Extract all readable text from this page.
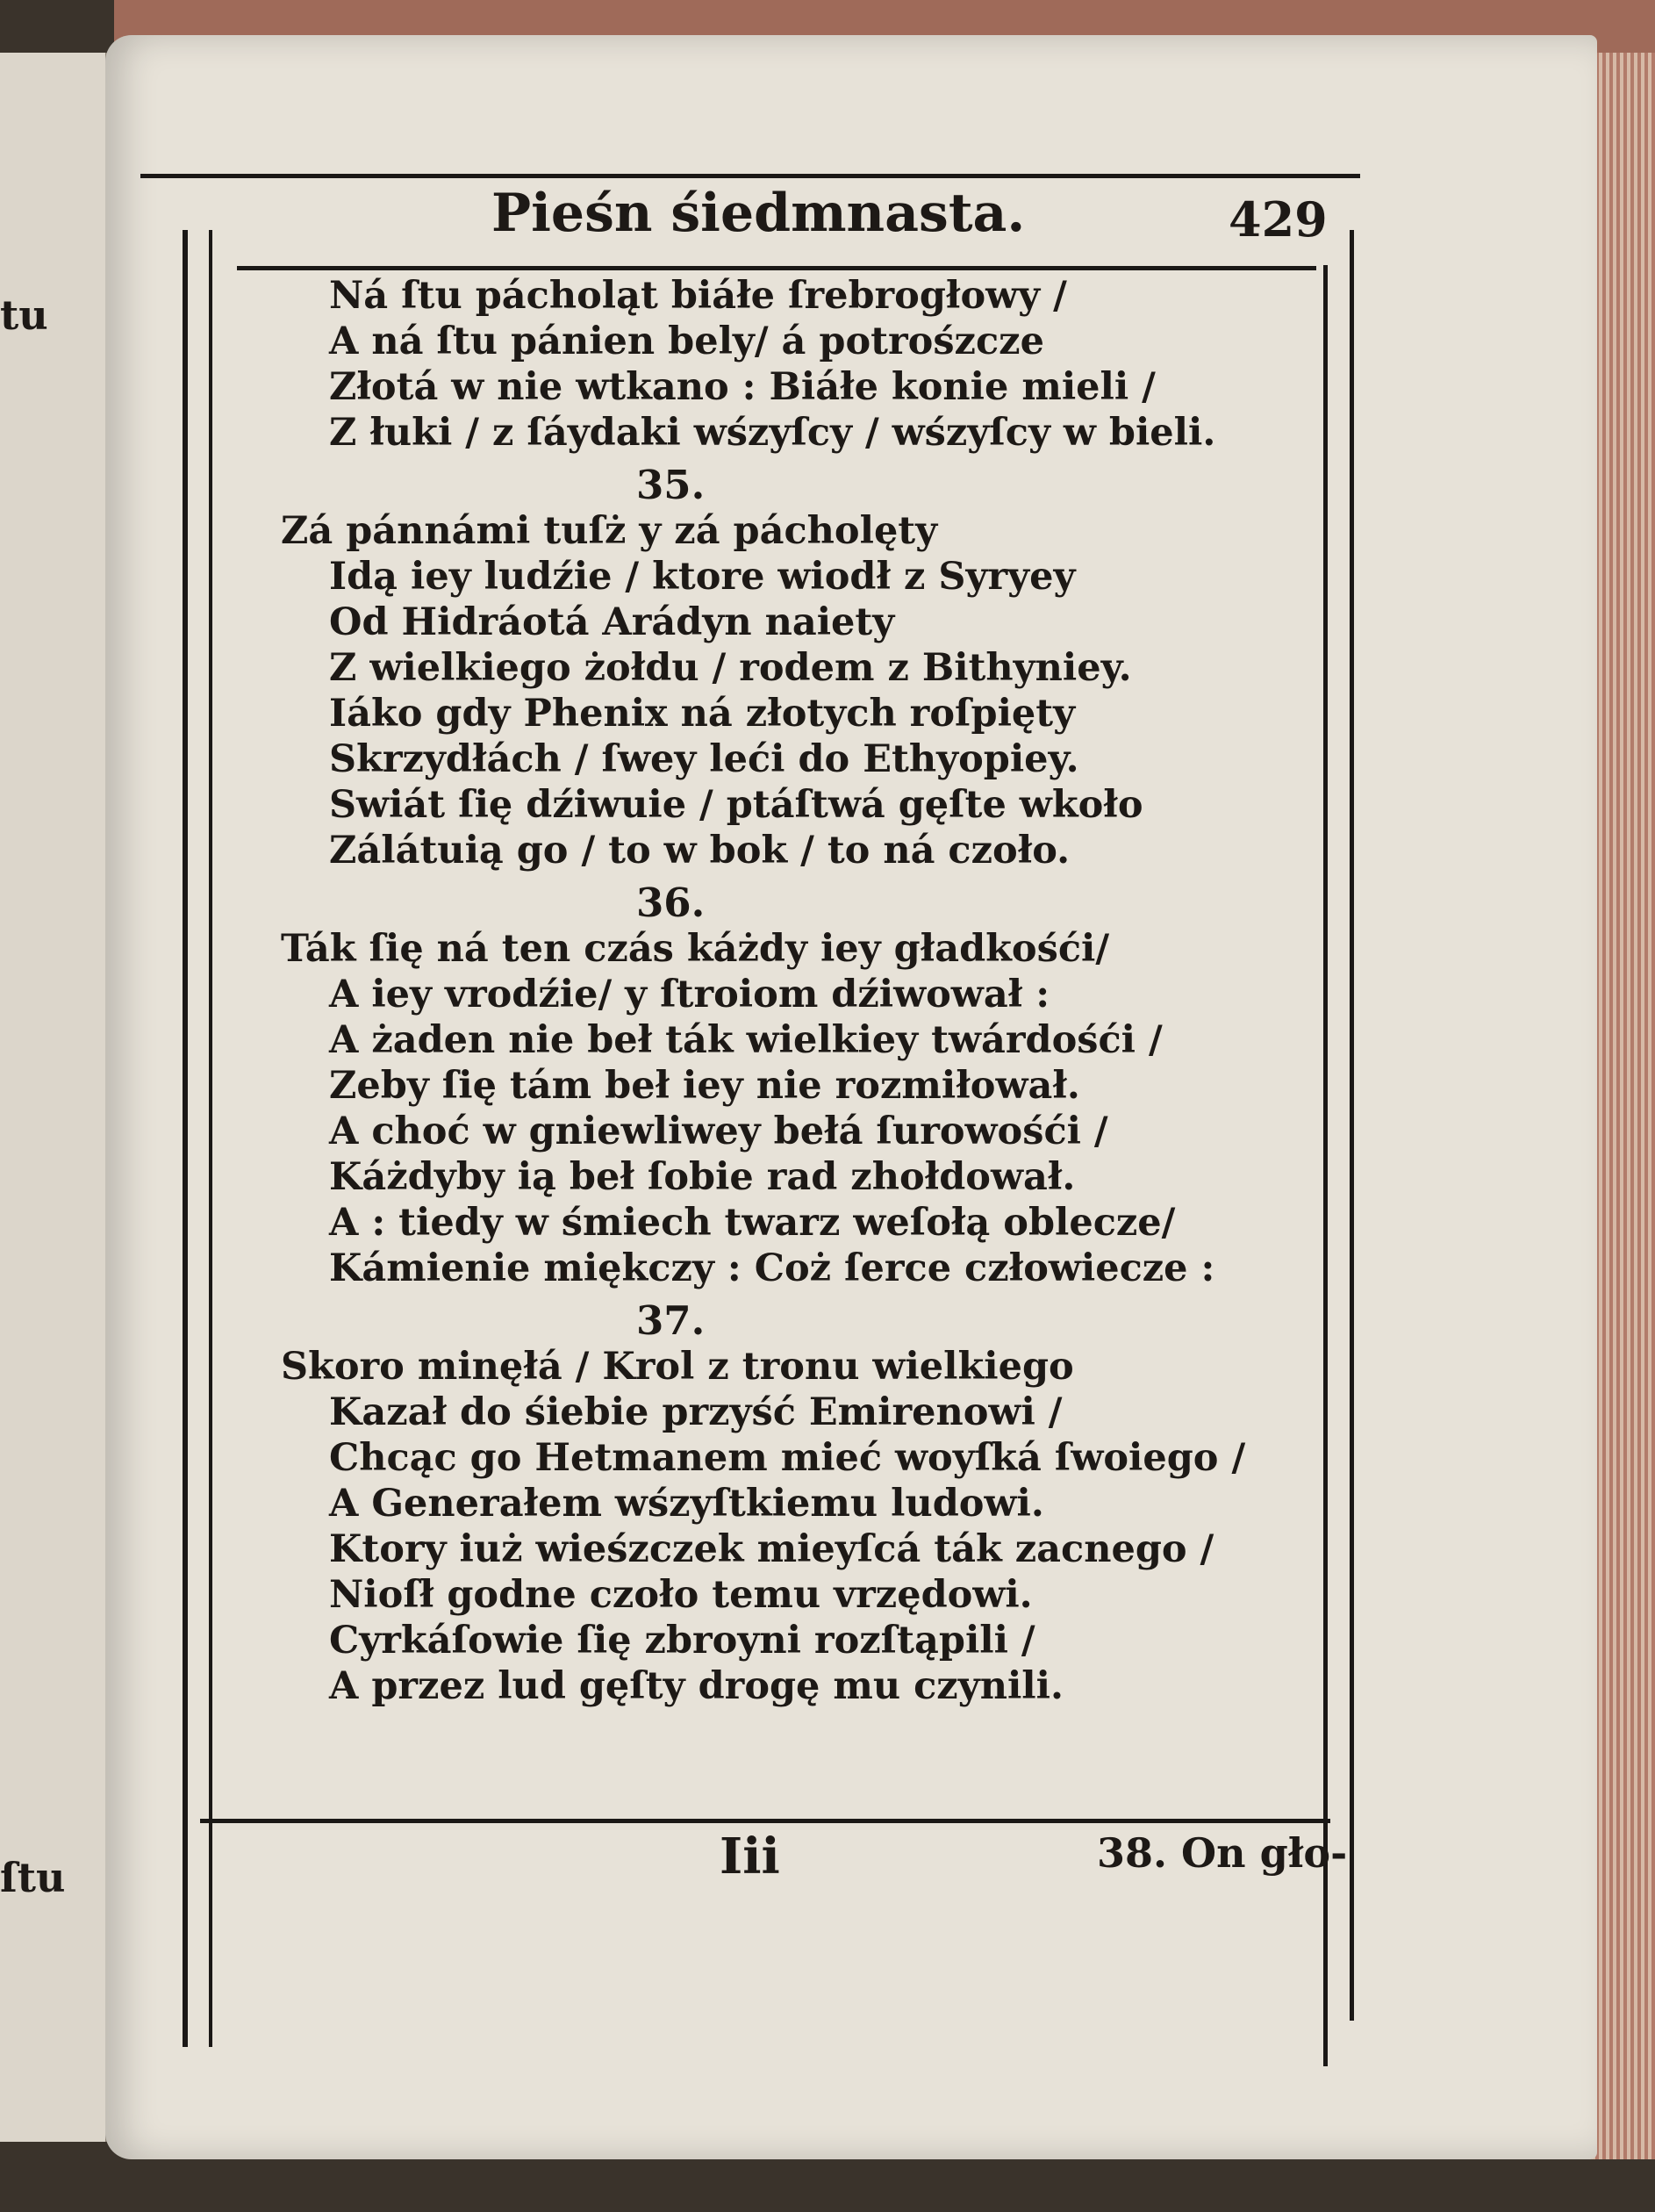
tu
ſtu
Pieśn śiedmnasta.	429
Ná ſtu pácholąt biáłe ſrebrogłowy /
A ná ſtu pánien bely/ á potrośzcze
Złotá w nie wtkano : Biáłe konie mieli /
Z łuki / z ſáydaki wśzyſcy / wśzyſcy w bieli.
35.
Zá pánnámi tuſż y zá pácholęty
Idą iey ludźie / ktore wiodł z Syryey
Od Hidráotá Arádyn naiety
Z wielkiego żołdu / rodem z Bithyniey.
Iáko gdy Phenix ná złotych roſpięty
Skrzydłách / ſwey leći do Ethyopiey.
Swiát ſię dźiwuie / ptáſtwá gęſte wkoło
Zálátuią go / to w bok / to ná czoło.
36.
Ták ſię ná ten czás káżdy iey gładkośći/
A iey vrodźie/ y ſtroiom dźiwował :
A żaden nie beł ták wielkiey twárdośći /
Zeby ſię tám beł iey nie rozmiłował.
A choć w gniewliwey bełá ſurowośći /
Káżdyby ią beł ſobie rad zhołdował.
A : tiedy w śmiech twarz weſołą oblecze/
Kámienie miękczy : Coż ſerce człowiecze :
37.
Skoro minęłá / Krol z tronu wielkiego
Kazał do śiebie przyść Emirenowi /
Chcąc go Hetmanem mieć woyſká ſwoiego /
A Generałem wśzyſtkiemu ludowi.
Ktory iuż wieśzczek mieyſcá ták zacnego /
Nioſł godne czoło temu vrzędowi.
Cyrkáſowie ſię zbroyni rozſtąpili /
A przez lud gęſty drogę mu czynili.
Iii	38. On gło-
